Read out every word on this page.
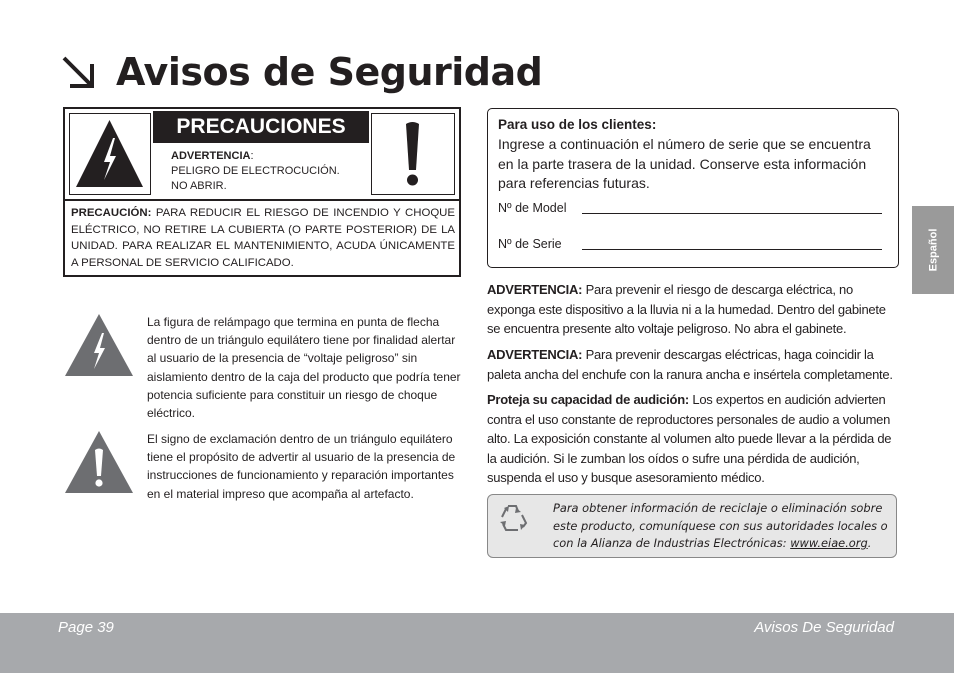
Avisos de Seguridad
PRECAUCIONES
ADVERTENCIA:
PELIGRO DE ELECTROCUCIÓN.
NO ABRIR.
PRECAUCIÓN: PARA REDUCIR EL RIESGO DE INCENDIO Y CHOQUE ELÉCTRICO, NO RETIRE LA CUBIERTA (O PARTE POSTERIOR) DE LA UNIDAD. PARA REALIZAR EL MANTENIMIENTO, ACUDA ÚNICAMENTE A PERSONAL DE SERVICIO CALIFICADO.
La figura de relámpago que termina en punta de flecha dentro de un triángulo equilátero tiene por finalidad alertar al usuario de la presencia de “voltaje peligroso” sin aislamiento dentro de la caja del producto que podría tener potencia suficiente para constituir un riesgo de choque eléctrico.
El signo de exclamación dentro de un triángulo equilátero tiene el propósito de advertir al usuario de la presencia de instrucciones de funcionamiento y reparación importantes en el material impreso que acompaña al artefacto.
Para uso de los clientes:
Ingrese a continuación el número de serie que se encuentra en la parte trasera de la unidad. Conserve esta información para referencias futuras.
Nº de Model
Nº de Serie
ADVERTENCIA: Para prevenir el riesgo de descarga eléctrica, no exponga este dispositivo a la lluvia ni a la humedad. Dentro del gabinete se encuentra presente alto voltaje peligroso. No abra el gabinete.
ADVERTENCIA: Para prevenir descargas eléctricas, haga coincidir la paleta ancha del enchufe con la ranura ancha e insértela completamente.
Proteja su capacidad de audición: Los expertos en audición advierten contra el uso constante de reproductores personales de audio a volumen alto. La exposición constante al volumen alto puede llevar a la pérdida de la audición. Si le zumban los oídos o sufre una pérdida de audición, suspenda el uso y busque asesoramiento médico.
Para obtener información de reciclaje o eliminación sobre este producto, comuníquese con sus autoridades locales o con la Alianza de Industrias Electrónicas: www.eiae.org.
Español
Page 39	Avisos De Seguridad
